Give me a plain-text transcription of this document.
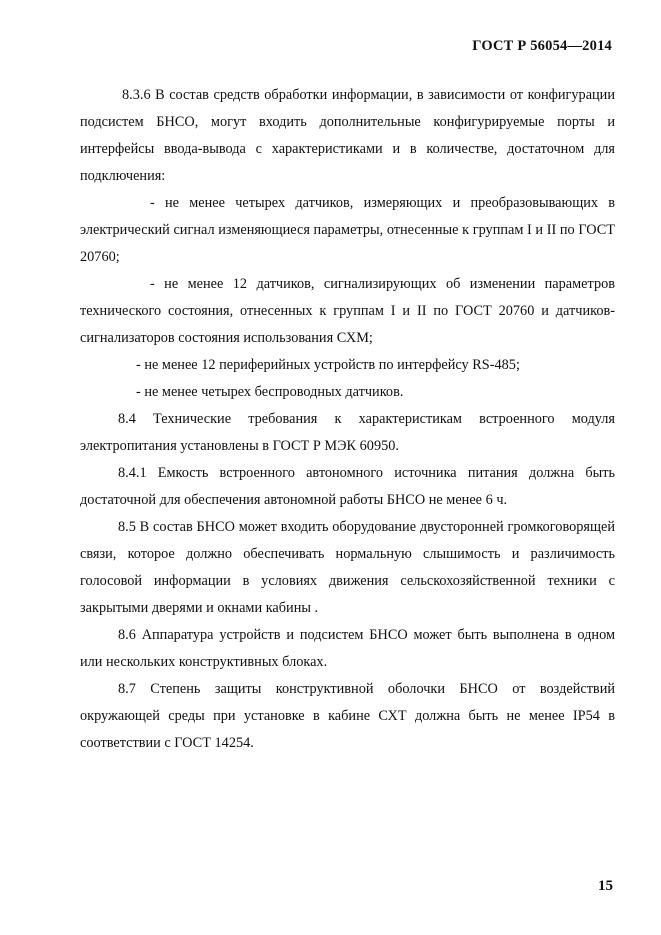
ГОСТ Р 56054—2014

8.3.6 В состав средств обработки информации, в зависимости от конфигурации подсистем БНСО, могут входить дополнительные конфигурируемые порты и интерфейсы ввода-вывода с характеристиками и в количестве, достаточном для подключения:

- не менее четырех датчиков, измеряющих и преобразовывающих в электрический сигнал изменяющиеся параметры, отнесенные к группам I и II по ГОСТ 20760;

- не менее 12 датчиков, сигнализирующих об изменении параметров технического состояния, отнесенных к группам I и II по ГОСТ 20760 и датчиков-сигнализаторов состояния использования СХМ;

- не менее 12 периферийных устройств по интерфейсу RS-485;

- не менее четырех беспроводных датчиков.

8.4 Технические требования к характеристикам встроенного модуля электропитания установлены в ГОСТ Р МЭК 60950.

8.4.1 Емкость встроенного автономного источника питания должна быть достаточной для обеспечения автономной работы БНСО не менее 6 ч.

8.5 В состав БНСО может входить оборудование двусторонней громкоговорящей связи, которое должно обеспечивать нормальную слышимость и различимость голосовой информации в условиях движения сельскохозяйственной техники с закрытыми дверями и окнами кабины .

8.6 Аппаратура устройств и подсистем БНСО может быть выполнена в одном или нескольких конструктивных блоках.

8.7 Степень защиты конструктивной оболочки БНСО от воздействий окружающей среды при установке в кабине СХТ должна быть не менее IP54 в соответствии с ГОСТ 14254.

15
